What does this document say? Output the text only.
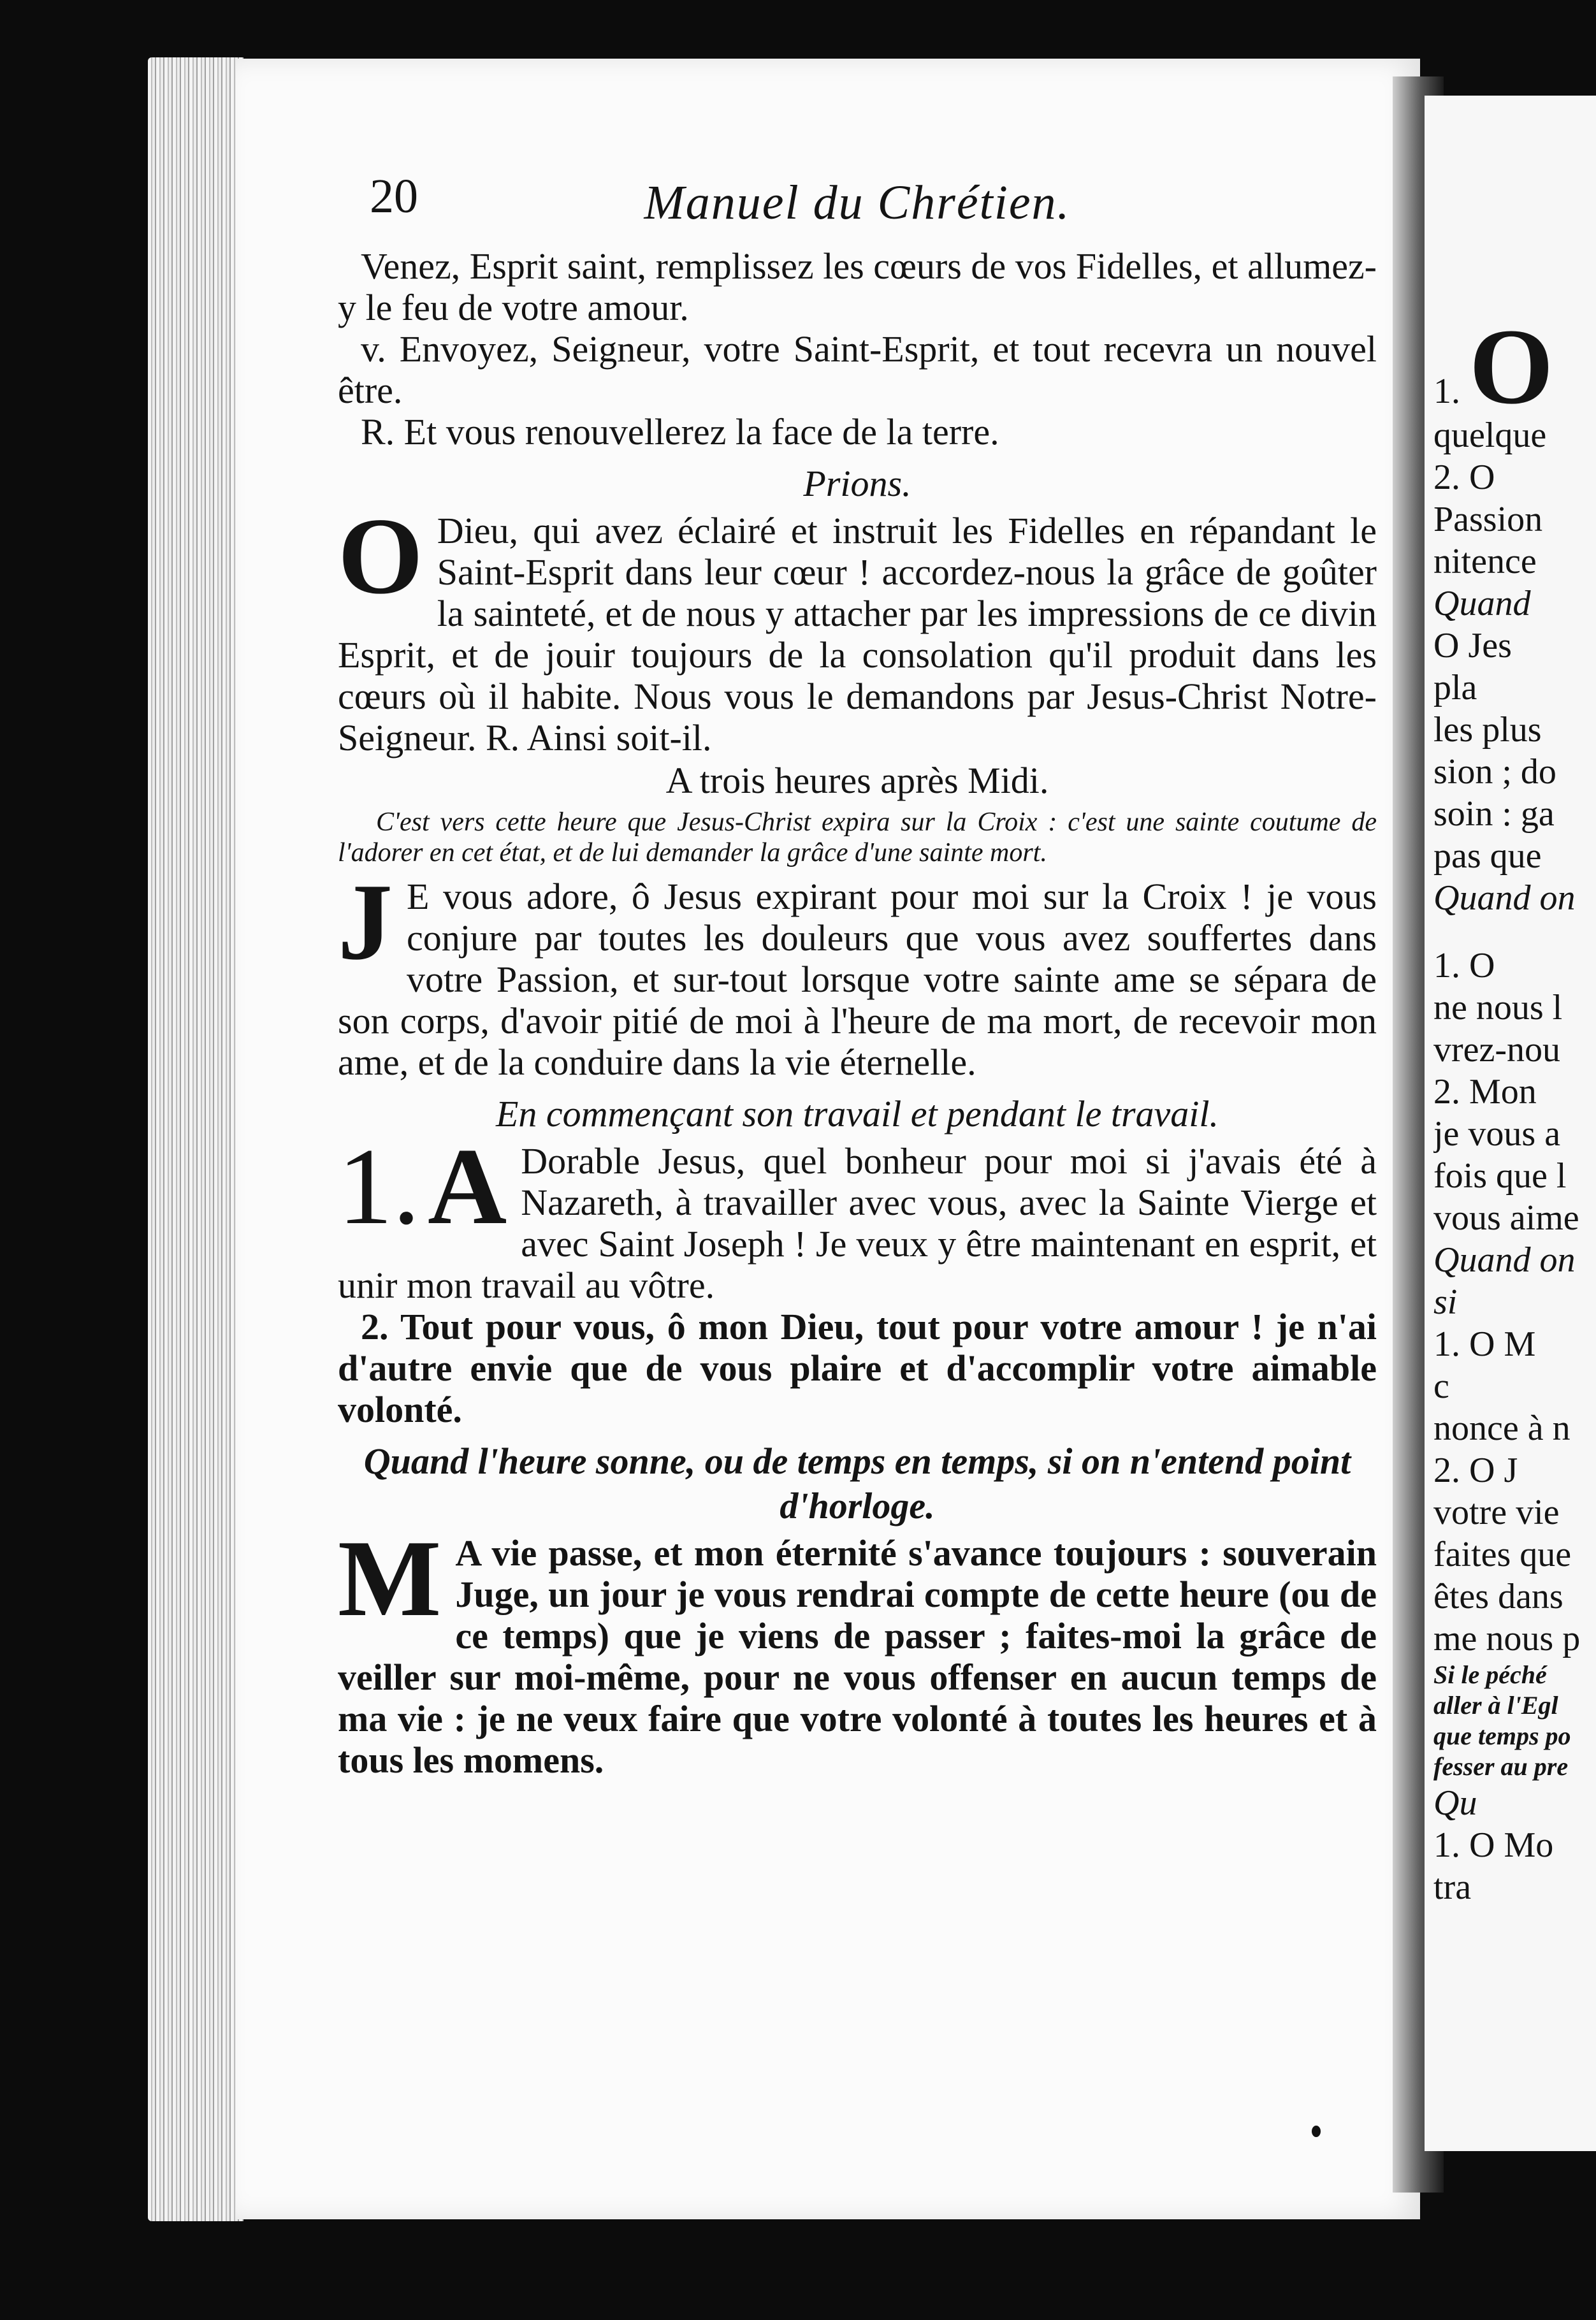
1. O
quelque
2. O
Passion
nitence
Quand
O Jes
pla
les plus
sion ; do
soin : ga
pas que
Quand on
1. O
ne nous l
vrez-nou
2. Mon
je vous a
fois que l
vous aime
Quand on
si
1. O M
c
nonce à n
2. O J
votre vie
faites que
êtes dans
me nous p
Si le péché
aller à l'Egl
que temps po
fesser au pre
Qu
1. O Mo
tra
20	Manuel du Chrétien.

Venez, Esprit saint, remplissez les cœurs de vos Fidelles, et allumez-y le feu de votre amour.

v. Envoyez, Seigneur, votre Saint-Esprit, et tout recevra un nouvel être.

R. Et vous renouvellerez la face de la terre.

Prions.
O Dieu, qui avez éclairé et instruit les Fidelles en répandant le Saint-Esprit dans leur cœur ! accordez-nous la grâce de goûter la sainteté, et de nous y attacher par les impressions de ce divin Esprit, et de jouir toujours de la consolation qu'il produit dans les cœurs où il habite. Nous vous le demandons par Jesus-Christ Notre-Seigneur. R. Ainsi soit-il.

A trois heures après Midi.

C'est vers cette heure que Jesus-Christ expira sur la Croix : c'est une sainte coutume de l'adorer en cet état, et de lui demander la grâce d'une sainte mort.

J E vous adore, ô Jesus expirant pour moi sur la Croix ! je vous conjure par toutes les douleurs que vous avez souffertes dans votre Passion, et sur-tout lorsque votre sainte ame se sépara de son corps, d'avoir pitié de moi à l'heure de ma mort, de recevoir mon ame, et de la conduire dans la vie éternelle.

En commençant son travail et pendant le travail.
1.A Dorable Jesus, quel bonheur pour moi si j'avais été à Nazareth, à travailler avec vous, avec la Sainte Vierge et avec Saint Joseph ! Je veux y être maintenant en esprit, et unir mon travail au vôtre.

2. Tout pour vous, ô mon Dieu, tout pour votre amour ! je n'ai d'autre envie que de vous plaire et d'accomplir votre aimable volonté.

Quand l'heure sonne, ou de temps en temps, si on n'entend point d'horloge.
M A vie passe, et mon éternité s'avance toujours : souverain Juge, un jour je vous rendrai compte de cette heure (ou de ce temps) que je viens de passer ; faites-moi la grâce de veiller sur moi-même, pour ne vous offenser en aucun temps de ma vie : je ne veux faire que votre volonté à toutes les heures et à tous les momens.
